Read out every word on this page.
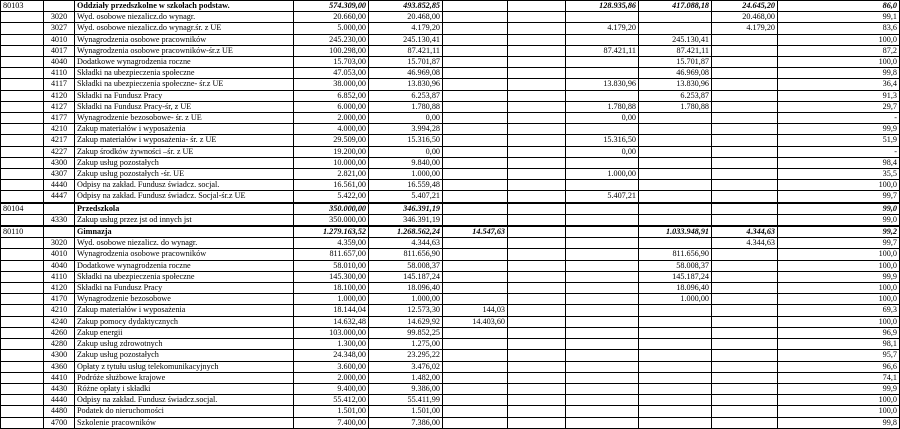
80103		Oddziały przedszkolne w szkołach podstaw.	574.309,00	493.852,85			128.935,86	417.088,18	24.645,20	86,0
	3020	Wyd. osobowe niezalicz.do wynagr.	20.660,00	20.468,00					20.468,00	99,1
	3027	Wyd. osobowe niezalicz.do wynagr.śr. z UE	5.000,00	4.179,20			4.179,20		4.179,20	83,6
	4010	Wynagrodzenia osobowe pracowników	245.230,00	245.130,41				245.130,41		100,0
	4017	Wynagrodzenia osobowe pracowników-śr.z UE	100.298,00	87.421,11			87.421,11	87.421,11		87,2
	4040	Dodatkowe wynagrodzenia roczne	15.703,00	15.701,87				15.701,87		100,0
	4110	Składki na ubezpieczenia społeczne	47.053,00	46.969,08				46.969,08		99,8
	4117	Składki na ubezpieczenia społeczne- śr.z UE	38.000,00	13.830,96			13.830,96	13.830,96		36,4
	4120	Składki na Fundusz Pracy	6.852,00	6.253,87				6.253,87		91,3
	4127	Składki na Fundusz Pracy-śr, z UE	6.000,00	1.780,88			1.780,88	1.780,88		29,7
	4177	Wynagrodzenie bezosobowe- śr. z UE	2.000,00	0,00			0,00			-
	4210	Zakup materiałów i wyposażenia	4.000,00	3.994,28						99,9
	4217	Zakup materiałów i wyposażenia- śr. z UE	29.509,00	15.316,50			15.316,50			51,9
	4227	Zakup środków żywności –śr. z UE	19.200,00	0,00			0,00			-
	4300	Zakup usług pozostałych	10.000,00	9.840,00						98,4
	4307	Zakup usług pozostałych -śr. UE	2.821,00	1.000,00			1.000,00			35,5
	4440	Odpisy na zakład. Fundusz świadcz. socjal.	16.561,00	16.559,48						100,0
	4447	Odpisy na zakład. Fundusz świadcz. Socjal-śr.z UE	5.422,00	5.407,21			5.407,21			99,7
80104		Przedszkola	350.000,00	346.391,19						99,0
	4330	Zakup usług przez jst od innych jst	350.000,00	346.391,19						99,0
80110		Gimnazja	1.279.163,52	1.268.562,24	14.547,63			1.033.948,91	4.344,63	99,2
	3020	Wyd. osobowe niezalicz. do wynagr.	4.359,00	4.344,63					4.344,63	99,7
	4010	Wynagrodzenia osobowe pracowników	811.657,00	811.656,90				811.656,90		100,0
	4040	Dodatkowe wynagrodzenia roczne	58.010,00	58.008,37				58.008,37		100,0
	4110	Składki na ubezpieczenia społeczne	145.300,00	145.187,24				145.187,24		99,9
	4120	Składki na Fundusz Pracy	18.100,00	18.096,40				18.096,40		100,0
	4170	Wynagrodzenie bezosobowe	1.000,00	1.000,00				1.000,00		100,0
	4210	Zakup materiałów i wyposażenia	18.144,04	12.573,30	144,03					69,3
	4240	Zakup pomocy dydaktycznych	14.632,48	14.629,92	14.403,60					100,0
	4260	Zakup energii	103.000,00	99.852,25						96,9
	4280	Zakup usług zdrowotnych	1.300,00	1.275,00						98,1
	4300	Zakup usług pozostałych	24.348,00	23.295,22						95,7
	4360	Opłaty z tytułu usług telekomunikacyjnych	3.600,00	3.476,02						96,6
	4410	Podróże służbowe krajowe	2.000,00	1.482,00						74,1
	4430	Różne opłaty i składki	9.400,00	9.386,00						99,9
	4440	Odpisy na zakład. Fundusz świadcz.socjal.	55.412,00	55.411,99						100,0
	4480	Podatek do nieruchomości	1.501,00	1.501,00						100,0
	4700	Szkolenie pracowników	7.400,00	7.386,00						99,8
